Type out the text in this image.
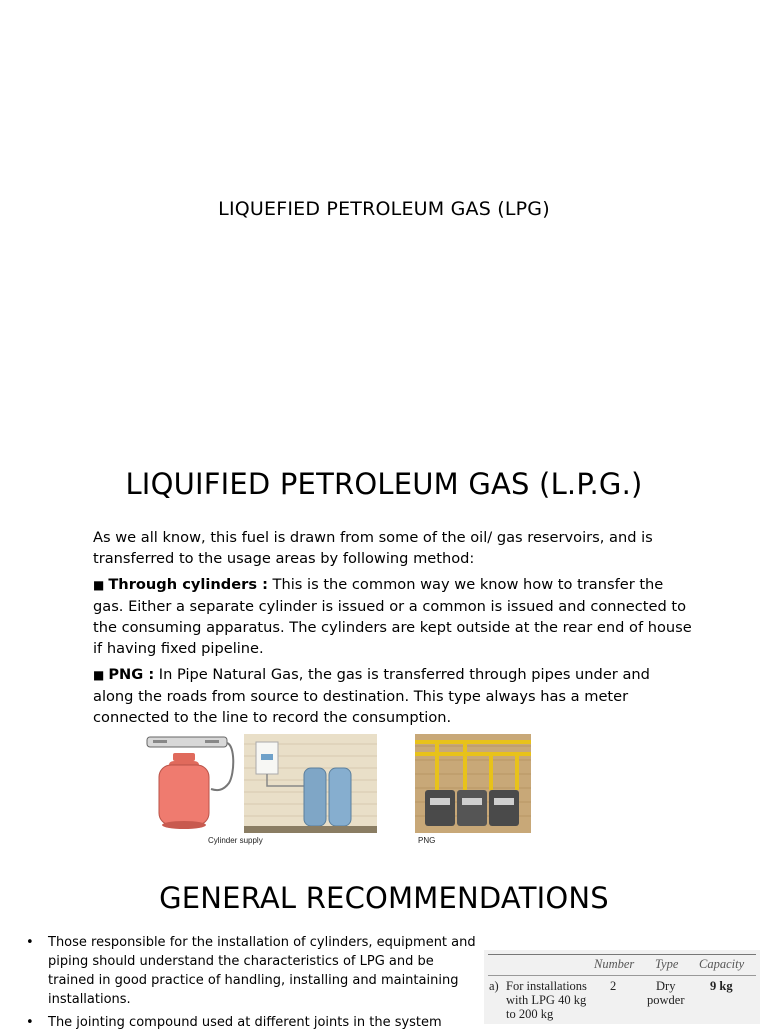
LIQUEFIED PETROLEUM GAS (LPG)
LIQUIFIED PETROLEUM GAS (L.P.G.)

As we all know, this fuel is drawn from some of the oil/ gas reservoirs, and is transferred to the usage areas by following method:

■ Through cylinders : This is the common way we know how to transfer the gas. Either a separate cylinder is issued or a common is issued and connected to the consuming apparatus. The cylinders are kept outside at the rear end of house if having fixed pipeline.

■ PNG : In Pipe Natural Gas, the gas is transferred through pipes under and along the roads from source to destination. This type always has a meter connected to the line to record the consumption.

Cylinder supply	PNG
GENERAL RECOMMENDATIONS
• Those responsible for the installation of cylinders, equipment and piping should understand the characteristics of LPG and be trained in good practice of handling, installing and maintaining installations.
• The jointing compound used at different joints in the system
Number Type Capacity
a) For installations
with LPG 40 kg
to 200 kg
2	Dry
powder
9 kg
